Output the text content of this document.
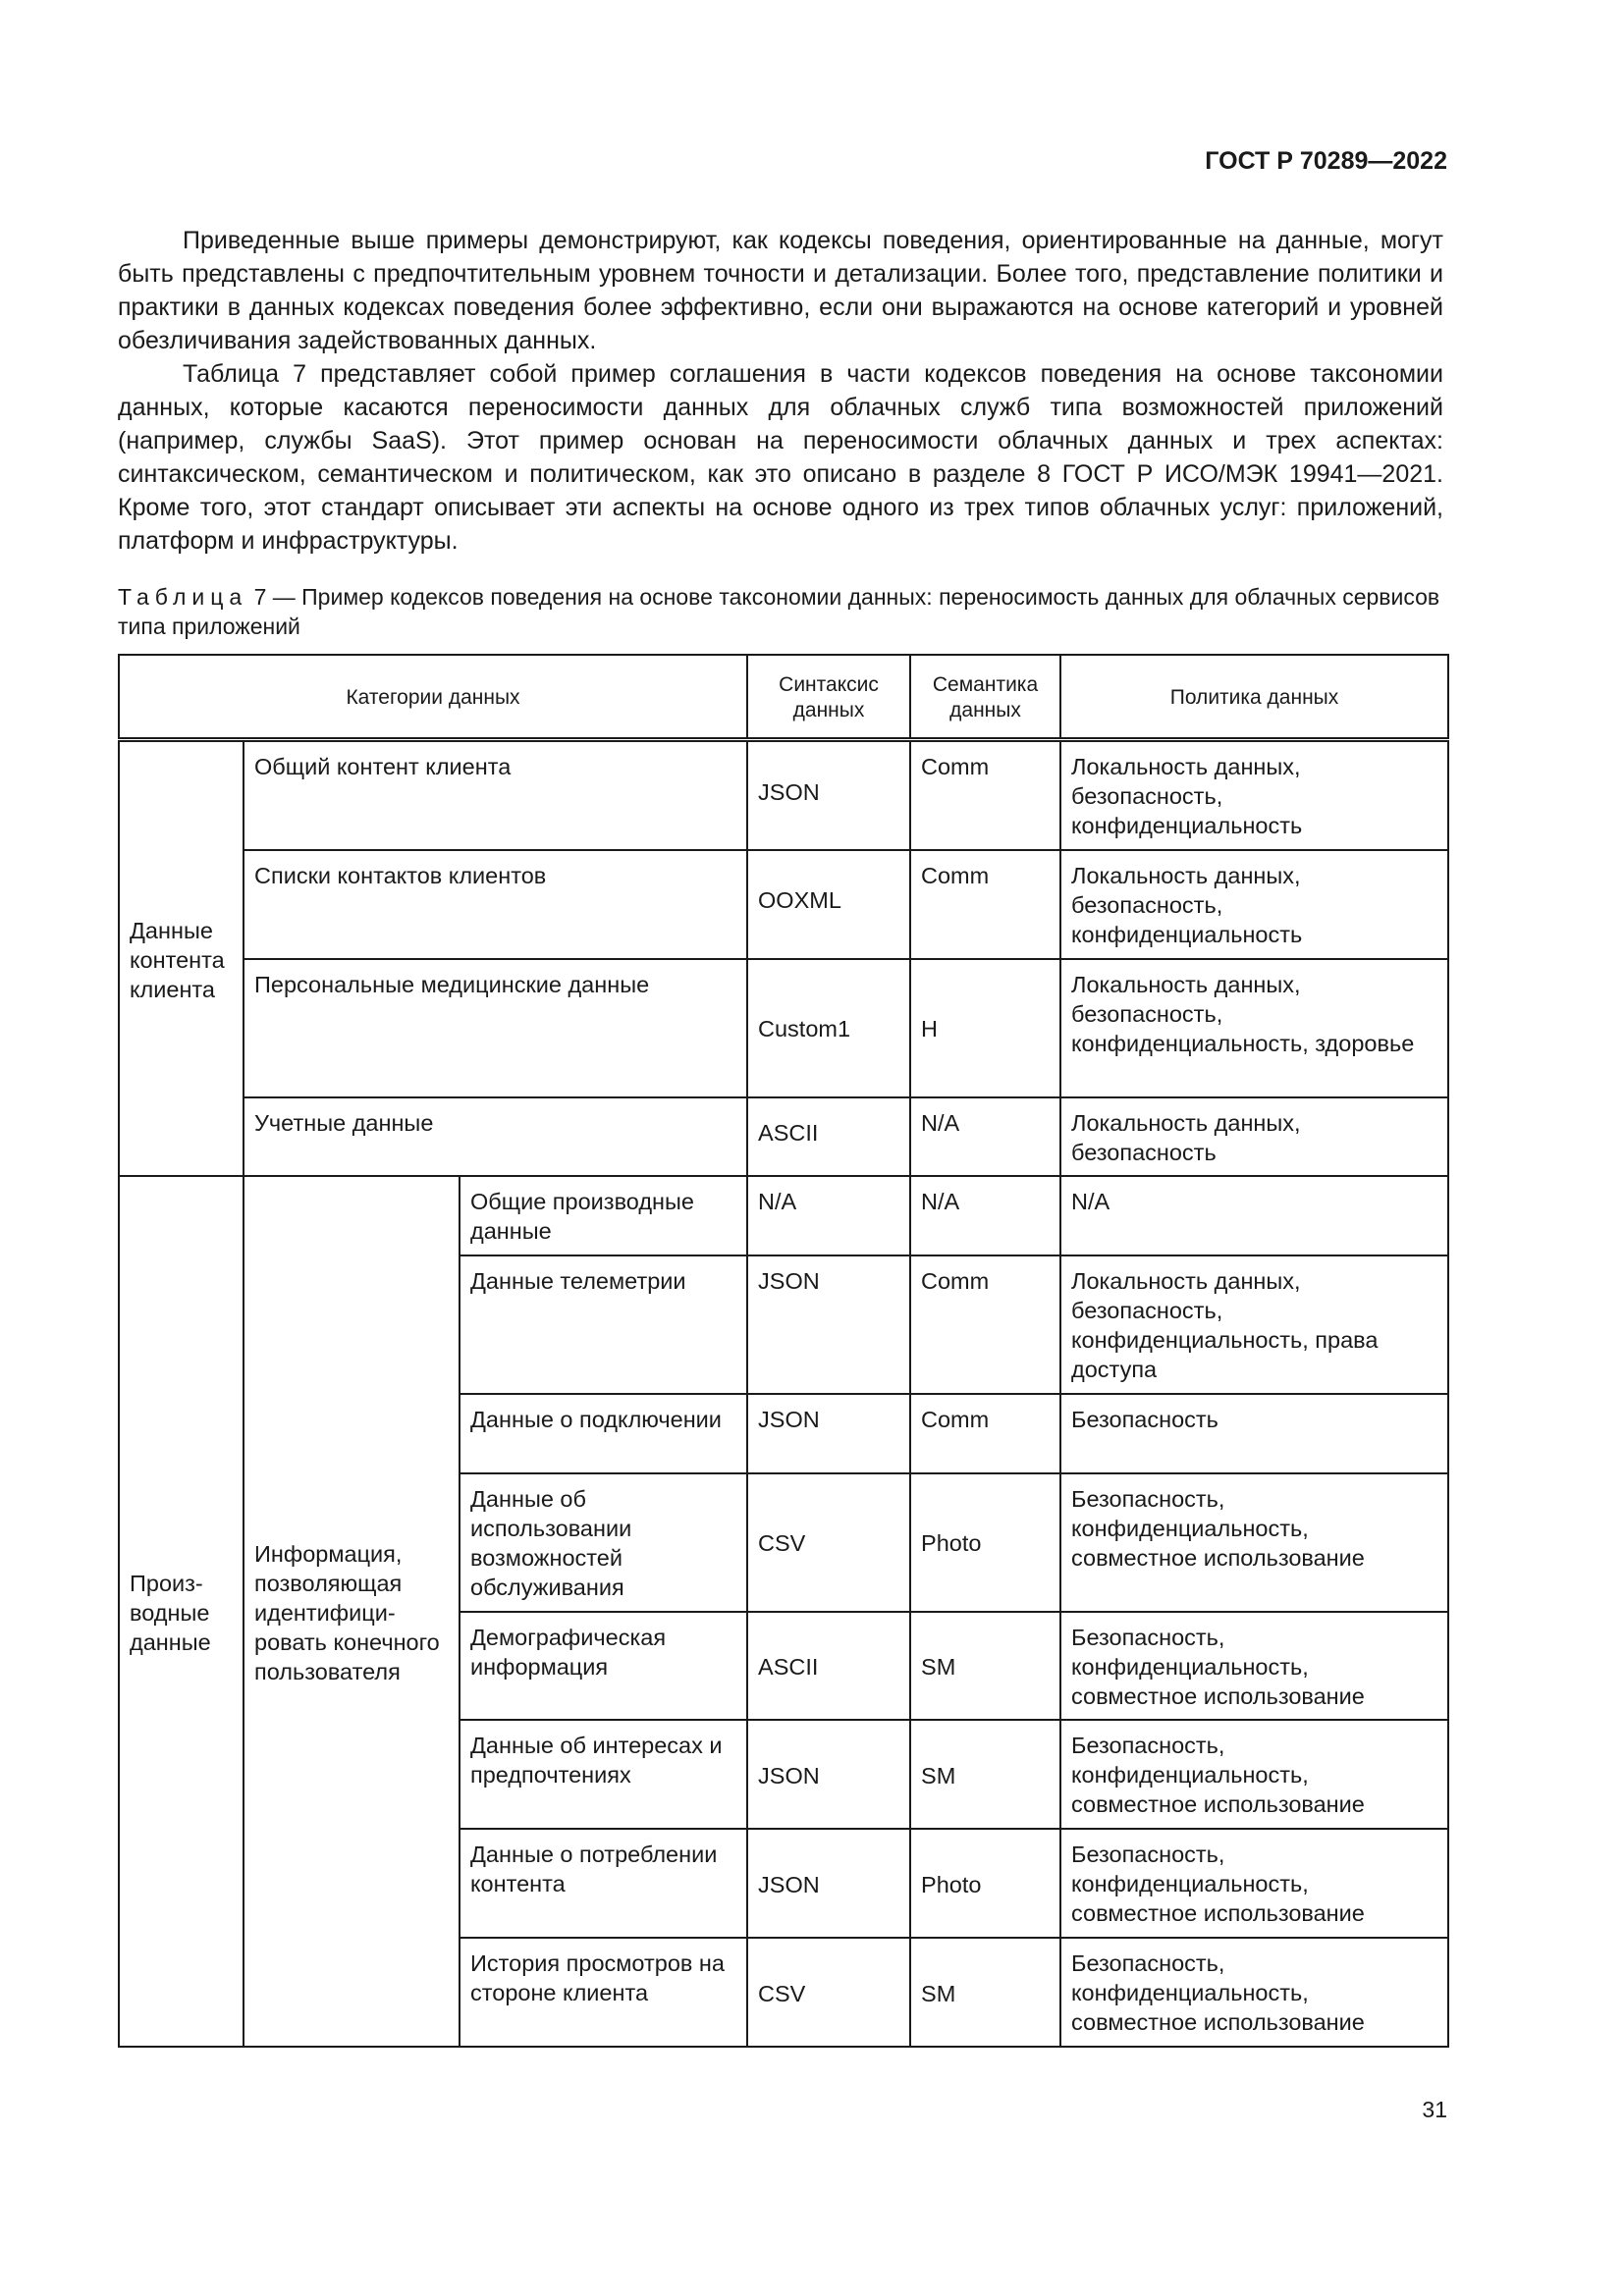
ГОСТ Р 70289—2022

Приведенные выше примеры демонстрируют, как кодексы поведения, ориентированные на данные, могут быть представлены с предпочтительным уровнем точности и детализации. Более того, представление политики и практики в данных кодексах поведения более эффективно, если они выражаются на основе категорий и уровней обезличивания задействованных данных.

Таблица 7 представляет собой пример соглашения в части кодексов поведения на основе таксономии данных, которые касаются переносимости данных для облачных служб типа возможностей приложений (например, службы SaaS). Этот пример основан на переносимости облачных данных и трех аспектах: синтаксическом, семантическом и политическом, как это описано в разделе 8 ГОСТ Р ИСО/МЭК 19941—2021. Кроме того, этот стандарт описывает эти аспекты на основе одного из трех типов облачных услуг: приложений, платформ и инфраструктуры.

Таблица 7 — Пример кодексов поведения на основе таксономии данных: переносимость данных для облачных сервисов типа приложений
Категории данных			Синтаксис данных	Семантика данных	Политика данных
Данные контента клиента	Общий контент клиента		JSON	Comm	Локальность данных, безопасность, конфиденциальность
	Списки контактов клиентов		OOXML	Comm	Локальность данных, безопасность, конфиденциальность
	Персональные медицинские данные		Custom1	H	Локальность данных, безопасность, конфиденциальность, здоровье
	Учетные данные		ASCII	N/A	Локальность данных, безопасность
Произ-водные данные	Информация, позволяющая идентифици-ровать конечного пользователя	Общие производные данные	N/A	N/A	N/A
		Данные телеметрии	JSON	Comm	Локальность данных, безопасность, конфиденциальность, права доступа
		Данные о подключении	JSON	Comm	Безопасность
		Данные об использовании возможностей обслуживания	CSV	Photo	Безопасность, конфиденциальность, совместное использование
		Демографическая информация	ASCII	SM	Безопасность, конфиденциальность, совместное использование
		Данные об интересах и предпочтениях	JSON	SM	Безопасность, конфиденциальность, совместное использование
		Данные о потреблении контента	JSON	Photo	Безопасность, конфиденциальность, совместное использование
		История просмотров на стороне клиента	CSV	SM	Безопасность, конфиденциальность, совместное использование
31
